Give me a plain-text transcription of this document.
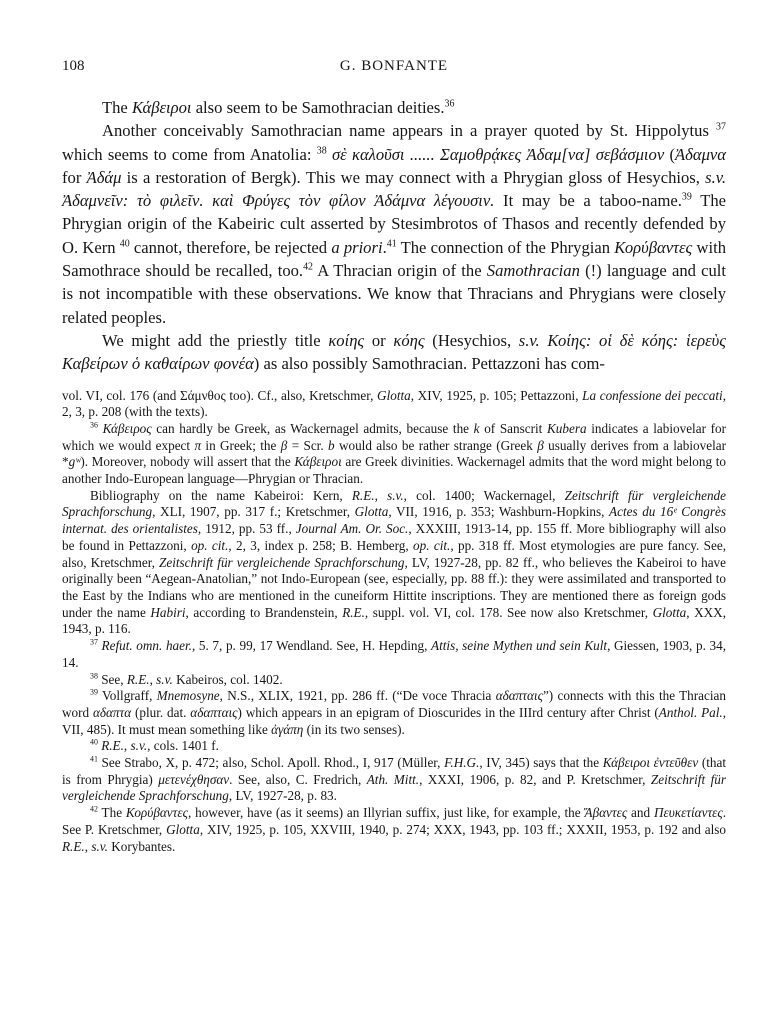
108	G. BONFANTE

The Κάβειροι also seem to be Samothracian deities.$^{36}$

Another conceivably Samothracian name appears in a prayer quoted by St. Hippolytus $^{37}$ which seems to come from Anatolia: $^{38}$ σὲ καλοῦσι ...... Σαμοθρᾴκες Ἀδαμ[να] σεβάσμιον (Ἀδαμνα for Ἀδάμ is a restoration of Bergk). This we may connect with a Phrygian gloss of Hesychios, s.v. Ἀδαμνεῖν: τὸ φιλεῖν. καὶ Φρύγες τὸν φίλον Ἀδάμνα λέγουσιν. It may be a taboo-name.$^{39}$ The Phrygian origin of the Kabeiric cult asserted by Stesimbrotos of Thasos and recently defended by O. Kern $^{40}$ cannot, therefore, be rejected a priori.$^{41}$ The connection of the Phrygian Κορύβαντες with Samothrace should be recalled, too.$^{42}$ A Thracian origin of the Samothracian (!) language and cult is not incompatible with these observations. We know that Thracians and Phrygians were closely related peoples.

We might add the priestly title κοίης or κόης (Hesychios, s.v. Κοίης: οἱ δὲ κόης: ἱερεὺς Καβείρων ὁ καθαίρων φονέα) as also possibly Samothracian. Pettazzoni has com-

vol. VI, col. 176 (and Σάμνθος too). Cf., also, Kretschmer, Glotta, XIV, 1925, p. 105; Pettazzoni, La confessione dei peccati, 2, 3, p. 208 (with the texts).

$^{36}$ Κάβειρος can hardly be Greek, as Wackernagel admits, because the k of Sanscrit Kubera indicates a labiovelar for which we would expect π in Greek; the β = Scr. b would also be rather strange (Greek β usually derives from a labiovelar *gʷ). Moreover, nobody will assert that the Κάβειροι are Greek divinities. Wackernagel admits that the word might belong to another Indo-European language—Phrygian or Thracian.

Bibliography on the name Kabeiroi: Kern, R.E., s.v., col. 1400; Wackernagel, Zeitschrift für vergleichende Sprachforschung, XLI, 1907, pp. 317 f.; Kretschmer, Glotta, VII, 1916, p. 353; Washburn-Hopkins, Actes du 16ᵉ Congrès internat. des orientalistes, 1912, pp. 53 ff., Journal Am. Or. Soc., XXXIII, 1913-14, pp. 155 ff. More bibliography will also be found in Pettazzoni, op. cit., 2, 3, index p. 258; B. Hemberg, op. cit., pp. 318 ff. Most etymologies are pure fancy. See, also, Kretschmer, Zeitschrift für vergleichende Sprachforschung, LV, 1927-28, pp. 82 ff., who believes the Kabeiroi to have originally been “Aegean-Anatolian,” not Indo-European (see, especially, pp. 88 ff.): they were assimilated and transported to the East by the Indians who are mentioned in the cuneiform Hittite inscriptions. They are mentioned there as foreign gods under the name Habiri, according to Brandenstein, R.E., suppl. vol. VI, col. 178. See now also Kretschmer, Glotta, XXX, 1943, p. 116.

$^{37}$ Refut. omn. haer., 5. 7, p. 99, 17 Wendland. See, H. Hepding, Attis, seine Mythen und sein Kult, Giessen, 1903, p. 34, 14.

$^{38}$ See, R.E., s.v. Kabeiros, col. 1402.

$^{39}$ Vollgraff, Mnemosyne, N.S., XLIX, 1921, pp. 286 ff. (“De voce Thracia αδαπταις”) connects with this the Thracian word αδαπτα (plur. dat. αδαπταις) which appears in an epigram of Dioscurides in the IIIrd century after Christ (Anthol. Pal., VII, 485). It must mean something like ἀγάπη (in its two senses).

$^{40}$ R.E., s.v., cols. 1401 f.

$^{41}$ See Strabo, X, p. 472; also, Schol. Apoll. Rhod., I, 917 (Müller, F.H.G., IV, 345) says that the Κάβειροι ἐντεῦθεν (that is from Phrygia) μετενέχθησαν. See, also, C. Fredrich, Ath. Mitt., XXXI, 1906, p. 82, and P. Kretschmer, Zeitschrift für vergleichende Sprachforschung, LV, 1927-28, p. 83.

$^{42}$ The Κορύβαντες, however, have (as it seems) an Illyrian suffix, just like, for example, the Ἄβαντες and Πευκετίαντες. See P. Kretschmer, Glotta, XIV, 1925, p. 105, XXVIII, 1940, p. 274; XXX, 1943, pp. 103 ff.; XXXII, 1953, p. 192 and also R.E., s.v. Korybantes.
